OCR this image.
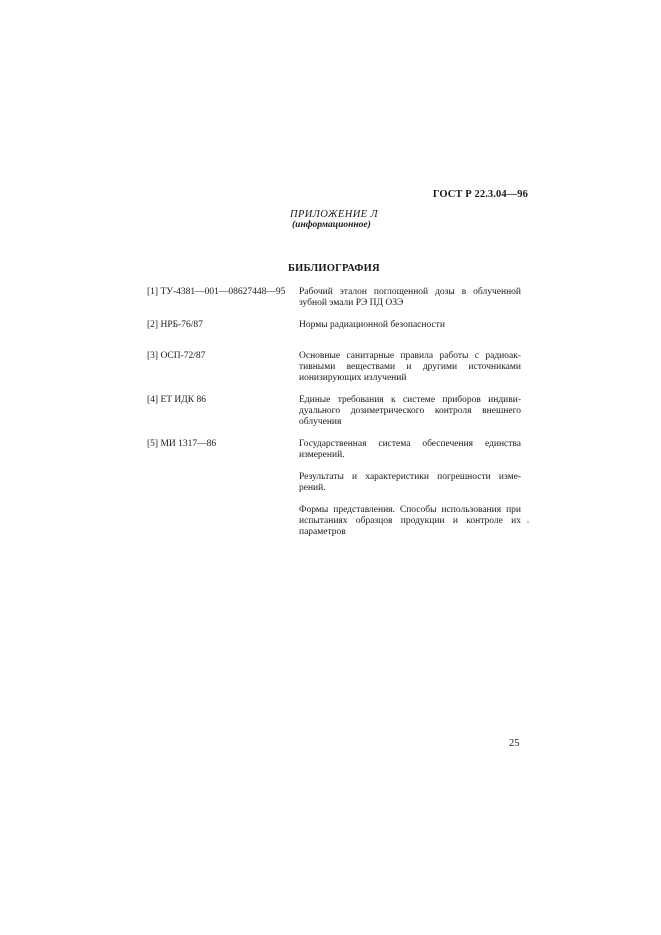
ГОСТ Р 22.3.04—96
ПРИЛОЖЕНИЕ Л
(информационное)
БИБЛИОГРАФИЯ
[1] ТУ-4381—001—08627448—95 Рабочий эталон поглощенной дозы в облученной зубной эмали РЭ ПД ОЗЭ

[2] НРБ-76/87	Нормы радиационной безопасности

[3] ОСП-72/87	Основные санитарные правила работы с радиоак- тивными веществами и другими источниками ионизирующих излучений

[4] ЕТ ИДК 86	Единые требования к системе приборов индиви- дуального дозиметрического контроля внешнего облучения

[5] МИ 1317—86	Государственная система обеспечения единства измерений.

Результаты и характеристики погрешности изме- рений.

Формы представления. Способы использования при испытаниях образцов продукции и контроле их параметров

,
25
